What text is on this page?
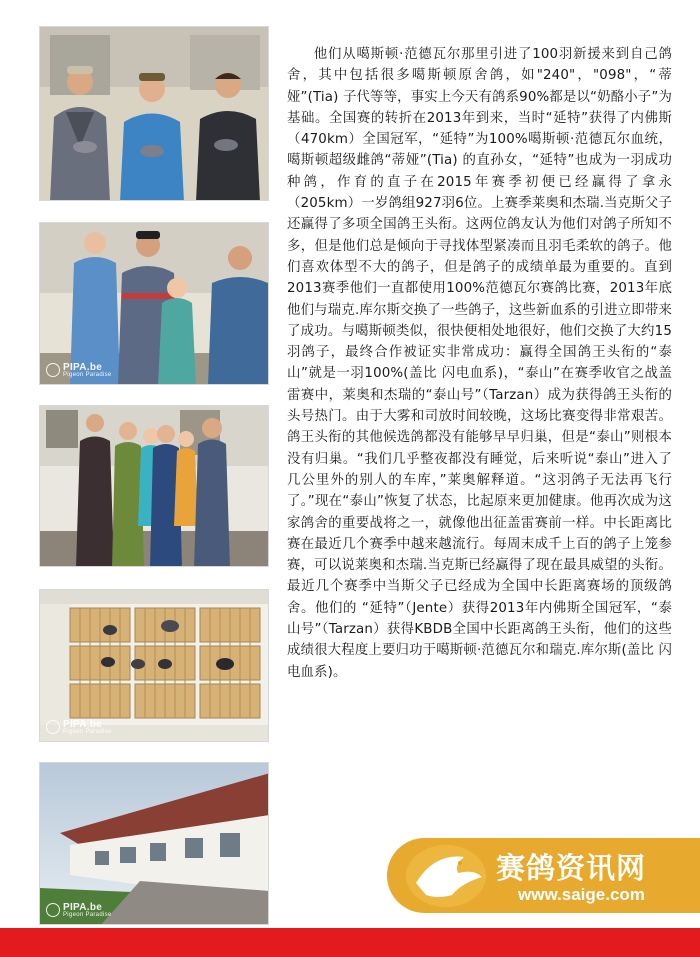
PIPA.be
Pigeon Paradise
PIPA.be
Pigeon Paradise
PIPA.be
Pigeon Paradise

他们从噶斯顿·范德瓦尔那里引进了100羽新援来到自己鸽舍，其中包括很多噶斯顿原舍鸽，如"240"，"098"，“蒂娅”(Tia) 子代等等，事实上今天有鸽系90%都是以“奶酪小子”为基础。全国赛的转折在2013年到来，当时“延特”获得了内佛斯（470km）全国冠军，“延特”为100%噶斯顿·范德瓦尔血统，噶斯顿超级雌鸽“蒂娅”(Tia) 的直孙女，“延特”也成为一羽成功种鸽，作育的直子在2015年赛季初便已经赢得了拿永（205km）一岁鸽组927羽6位。上赛季莱奥和杰瑞.当克斯父子还赢得了多项全国鸽王头衔。这两位鸽友认为他们对鸽子所知不多，但是他们总是倾向于寻找体型紧凑而且羽毛柔软的鸽子。他们喜欢体型不大的鸽子，但是鸽子的成绩单最为重要的。直到2013赛季他们一直都使用100%范德瓦尔赛鸽比赛，2013年底他们与瑞克.库尔斯交换了一些鸽子，这些新血系的引进立即带来了成功。与噶斯顿类似，很快便相处地很好，他们交换了大约15羽鸽子，最终合作被证实非常成功：赢得全国鸽王头衔的“泰山”就是一羽100%(盖比 闪电血系)，“泰山”在赛季收官之战盖雷赛中，莱奥和杰瑞的“泰山号”（Tarzan）成为获得鸽王头衔的头号热门。由于大雾和司放时间较晚，这场比赛变得非常艰苦。鸽王头衔的其他候选鸽都没有能够早早归巢，但是“泰山”则根本没有归巢。“我们几乎整夜都没有睡觉，后来听说“泰山”进入了几公里外的别人的车库，”莱奥解释道。“这羽鸽子无法再飞行了。”现在“泰山”恢复了状态，比起原来更加健康。他再次成为这家鸽舍的重要战将之一，就像他出征盖雷赛前一样。中长距离比赛在最近几个赛季中越来越流行。每周末成千上百的鸽子上笼参赛，可以说莱奥和杰瑞.当克斯已经赢得了现在最具威望的头衔。最近几个赛季中当斯父子已经成为全国中长距离赛场的顶级鸽舍。他们的 “延特”（Jente）获得2013年内佛斯全国冠军，“泰山号”（Tarzan）获得KBDB全国中长距离鸽王头衔，他们的这些成绩很大程度上要归功于噶斯顿·范德瓦尔和瑞克.库尔斯(盖比 闪电血系)。

赛鸽资讯网
www.saige.com
